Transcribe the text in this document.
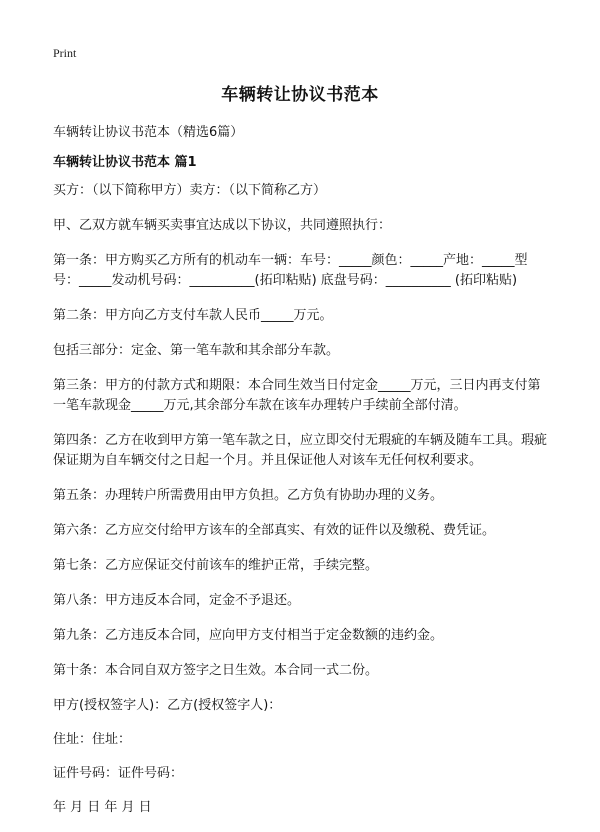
Print
车辆转让协议书范本
车辆转让协议书范本（精选6篇）
车辆转让协议书范本 篇1

买方：（以下简称甲方）卖方：（以下简称乙方）

甲、乙双方就车辆买卖事宜达成以下协议，共同遵照执行：

第一条：甲方购买乙方所有的机动车一辆：车号：_____颜色：_____产地：_____型号：_____发动机号码：__________(拓印粘贴) 底盘号码：__________ (拓印粘贴)

第二条：甲方向乙方支付车款人民币_____万元。

包括三部分：定金、第一笔车款和其余部分车款。

第三条：甲方的付款方式和期限：本合同生效当日付定金_____万元，三日内再支付第一笔车款现金_____万元,其余部分车款在该车办理转户手续前全部付清。

第四条：乙方在收到甲方第一笔车款之日，应立即交付无瑕疵的车辆及随车工具。瑕疵保证期为自车辆交付之日起一个月。并且保证他人对该车无任何权利要求。

第五条：办理转户所需费用由甲方负担。乙方负有协助办理的义务。

第六条：乙方应交付给甲方该车的全部真实、有效的证件以及缴税、费凭证。

第七条：乙方应保证交付前该车的维护正常，手续完整。

第八条：甲方违反本合同，定金不予退还。

第九条：乙方违反本合同，应向甲方支付相当于定金数额的违约金。

第十条：本合同自双方签字之日生效。本合同一式二份。

甲方(授权签字人)：乙方(授权签字人)：

住址：住址：

证件号码：证件号码：

年 月 日 年 月 日
